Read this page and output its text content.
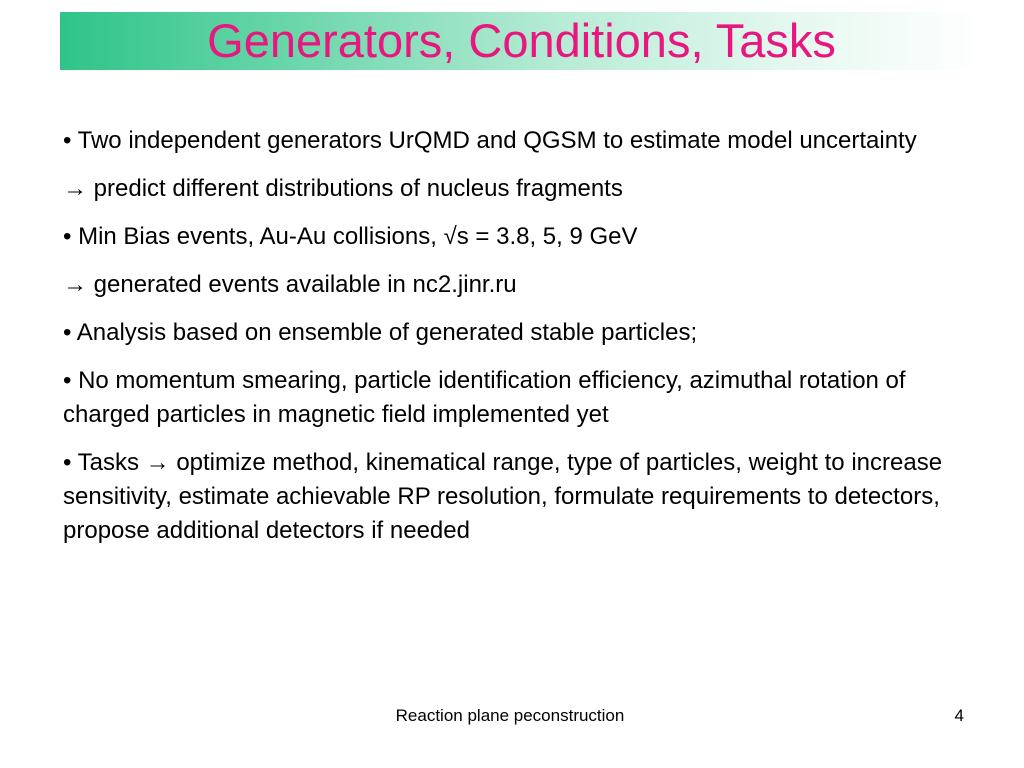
Generators, Conditions, Tasks

• Two independent generators UrQMD and QGSM to estimate model uncertainty

→ predict different distributions of nucleus fragments

• Min Bias events, Au-Au collisions, √s = 3.8, 5, 9 GeV

→ generated events available in nc2.jinr.ru

• Analysis based on ensemble of generated stable particles;

• No momentum smearing, particle identification efficiency, azimuthal rotation of charged particles in magnetic field implemented yet

• Tasks → optimize method, kinematical range, type of particles, weight to increase sensitivity, estimate achievable RP resolution, formulate requirements to detectors, propose additional detectors if needed

Reaction plane peconstruction	4
